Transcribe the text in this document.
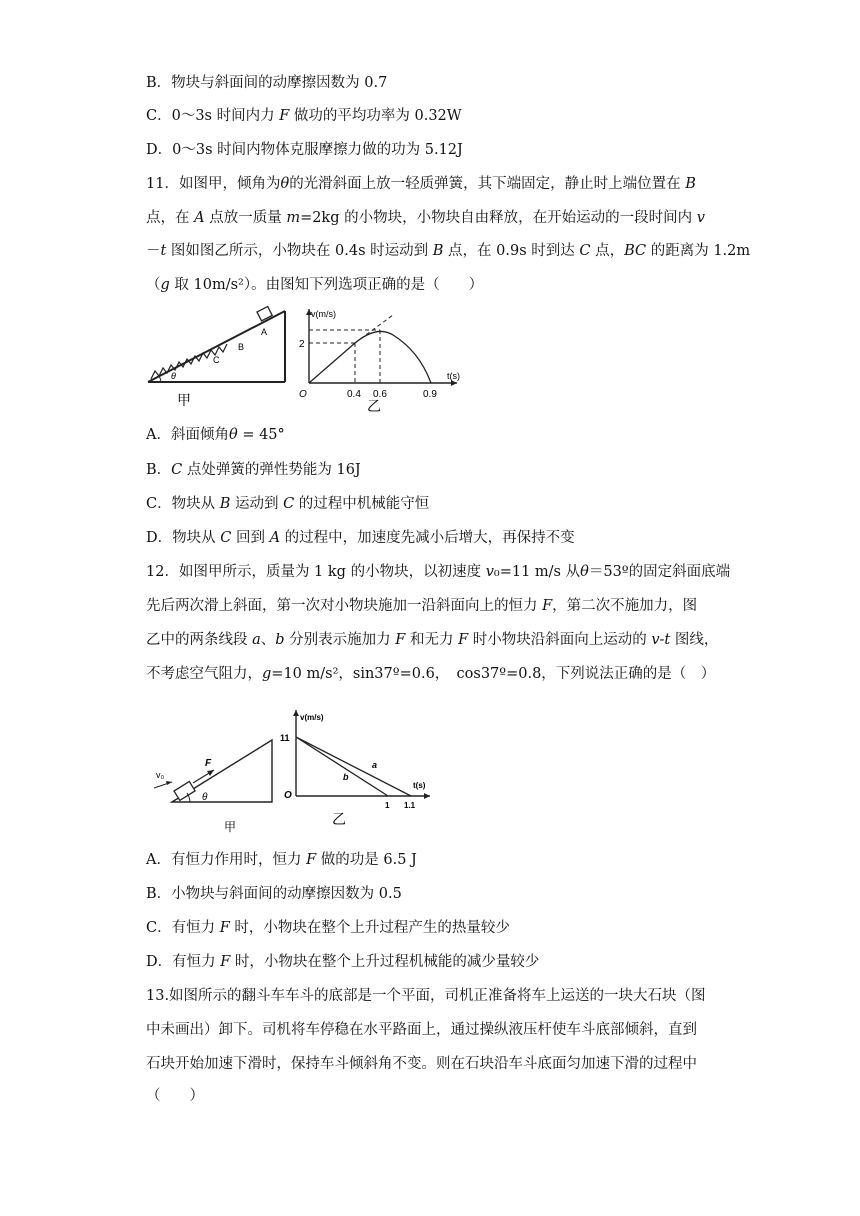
B．物块与斜面间的动摩擦因数为 0.7
C．0～3s 时间内力 F 做功的平均功率为 0.32W
D．0～3s 时间内物体克服摩擦力做的功为 5.12J
11．如图甲，倾角为θ的光滑斜面上放一轻质弹簧，其下端固定，静止时上端位置在 B
点，在 A 点放一质量 m=2kg 的小物块，小物块自由释放，在开始运动的一段时间内 v
－t 图如图乙所示，小物块在 0.4s 时运动到 B 点，在 0.9s 时到达 C 点，BC 的距离为 1.2m
（g 取 10m/s²）。由图知下列选项正确的是（　　）
A
B
C
θ
甲
v(m/s)
t(s)
O
2
0.4 0.6	0.9
乙
A．斜面倾角θ = 45°
B．C 点处弹簧的弹性势能为 16J
C．物块从 B 运动到 C 的过程中机械能守恒
D．物块从 C 回到 A 的过程中，加速度先减小后增大，再保持不变
12．如图甲所示，质量为 1 kg 的小物块，以初速度 v₀=11 m/s 从θ＝53º的固定斜面底端
先后两次滑上斜面，第一次对小物块施加一沿斜面向上的恒力 F，第二次不施加力，图
乙中的两条线段 a、b 分别表示施加力 F 和无力 F 时小物块沿斜面向上运动的 v-t 图线，
不考虑空气阻力，g=10 m/s²，sin37º=0.6，　cos37º=0.8，下列说法正确的是（　）
v₀
F
θ
甲
v(m/s)
t(s)
O
11
1 1.1
a
b
乙
A．有恒力作用时，恒力 F 做的功是 6.5 J
B．小物块与斜面间的动摩擦因数为 0.5
C．有恒力 F 时，小物块在整个上升过程产生的热量较少
D．有恒力 F 时，小物块在整个上升过程机械能的减少量较少
13.如图所示的翻斗车车斗的底部是一个平面，司机正准备将车上运送的一块大石块（图
中未画出）卸下。司机将车停稳在水平路面上，通过操纵液压杆使车斗底部倾斜，直到
石块开始加速下滑时，保持车斗倾斜角不变。则在石块沿车斗底面匀加速下滑的过程中
（　　）
